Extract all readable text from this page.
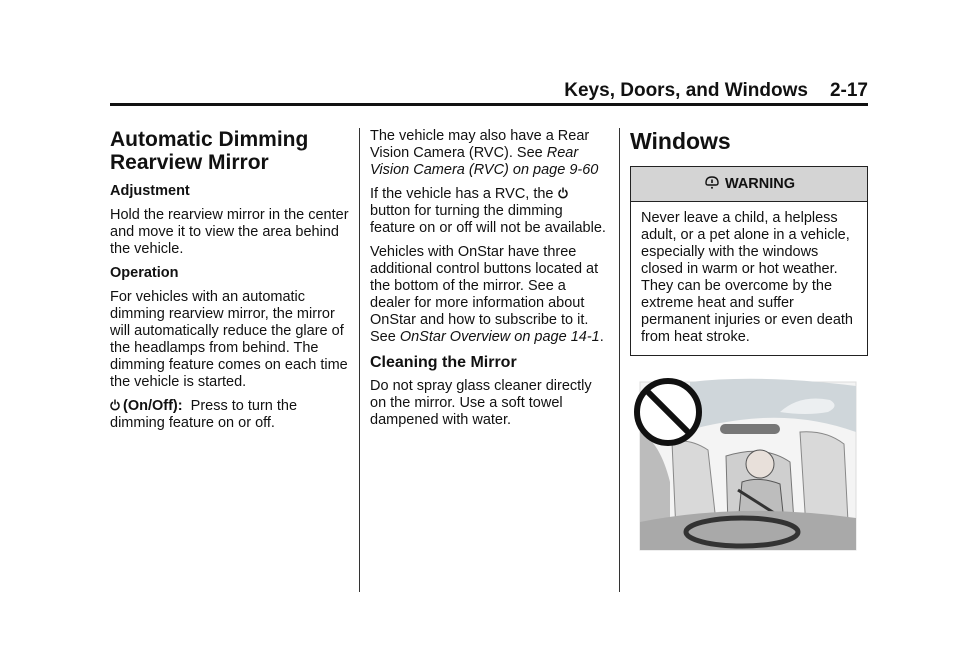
Keys, Doors, and Windows 2-17
Automatic Dimming Rearview Mirror
Adjustment

Hold the rearview mirror in the center and move it to view the area behind the vehicle.

Operation

For vehicles with an automatic dimming rearview mirror, the mirror will automatically reduce the glare of the headlamps from behind. The dimming feature comes on each time the vehicle is started.

(On/Off): Press to turn the dimming feature on or off.

The vehicle may also have a Rear Vision Camera (RVC). See Rear Vision Camera (RVC) on page 9-60

If the vehicle has a RVC, the  button for turning the dimming feature on or off will not be available.

Vehicles with OnStar have three additional control buttons located at the bottom of the mirror. See a dealer for more information about OnStar and how to subscribe to it. See OnStar Overview on page 14-1.

Cleaning the Mirror

Do not spray glass cleaner directly on the mirror. Use a soft towel dampened with water.

Windows
WARNING
Never leave a child, a helpless adult, or a pet alone in a vehicle, especially with the windows closed in warm or hot weather. They can be overcome by the extreme heat and suffer permanent injuries or even death from heat stroke.
